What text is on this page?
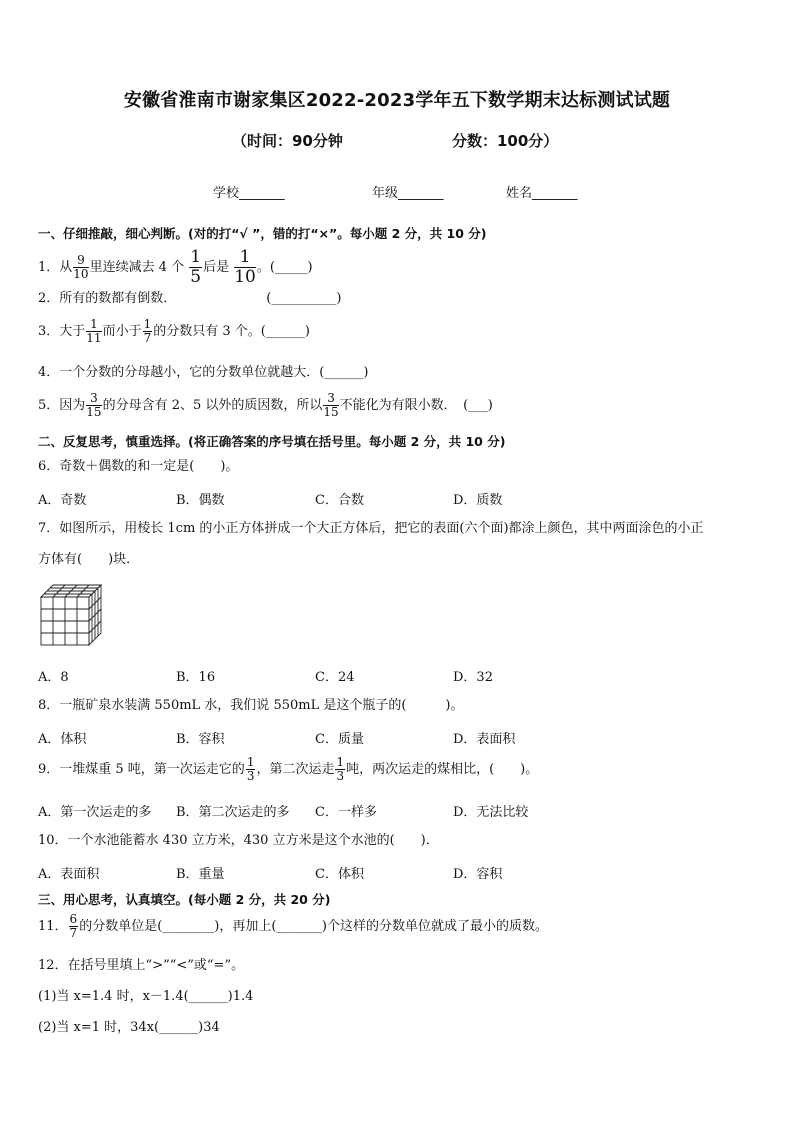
安徽省淮南市谢家集区2022-2023学年五下数学期末达标测试试题
（时间：90分钟	分数：100分）
学校_______	年级_______	姓名_______
一、仔细推敲，细心判断。(对的打“√ ”，错的打“×”。每小题 2 分，共 10 分)
1．从 $\frac{9}{10}$ 里连续减去 4 个 $\frac{1}{5}$ 后是 $\frac{1}{10}$ 。(_____)
2．所有的数都有倒数．	(__________)
3．大于 $\frac{1}{11}$ 而小于 $\frac{1}{7}$ 的分数只有 3 个。(______)
4．一个分数的分母越小，它的分数单位就越大．(______)
5．因为 $\frac{3}{15}$ 的分母含有 2、5 以外的质因数，所以 $\frac{3}{15}$ 不能化为有限小数．　(___)
二、反复思考，慎重选择。(将正确答案的序号填在括号里。每小题 2 分，共 10 分)
6．奇数＋偶数的和一定是(　　)。
A．奇数	B．偶数	C．合数	D．质数
7．如图所示，用棱长 1cm 的小正方体拼成一个大正方体后，把它的表面(六个面)都涂上颜色，其中两面涂色的小正
方体有(　　)块．
A．8	B．16	C．24	D．32
8．一瓶矿泉水装满 550mL 水，我们说 550mL 是这个瓶子的(　　　)。
A．体积	B．容积	C．质量	D．表面积
9．一堆煤重 5 吨，第一次运走它的 $\frac{1}{3}$ ，第二次运走 $\frac{1}{3}$ 吨，两次运走的煤相比，(　　)。
A．第一次运走的多 B．第二次运走的多 C．一样多	D．无法比较
10．一个水池能蓄水 430 立方米，430 立方米是这个水池的(　　)．
A．表面积	B．重量	C．体积	D．容积
三、用心思考，认真填空。(每小题 2 分，共 20 分)
11． $\frac{6}{7}$ 的分数单位是(________)，再加上(_______)个这样的分数单位就成了最小的质数。
12．在括号里填上“>”“<”或“=”。
(1)当 x=1.4 时，x－1.4(______)1.4
(2)当 x=1 时，34x(______)34
